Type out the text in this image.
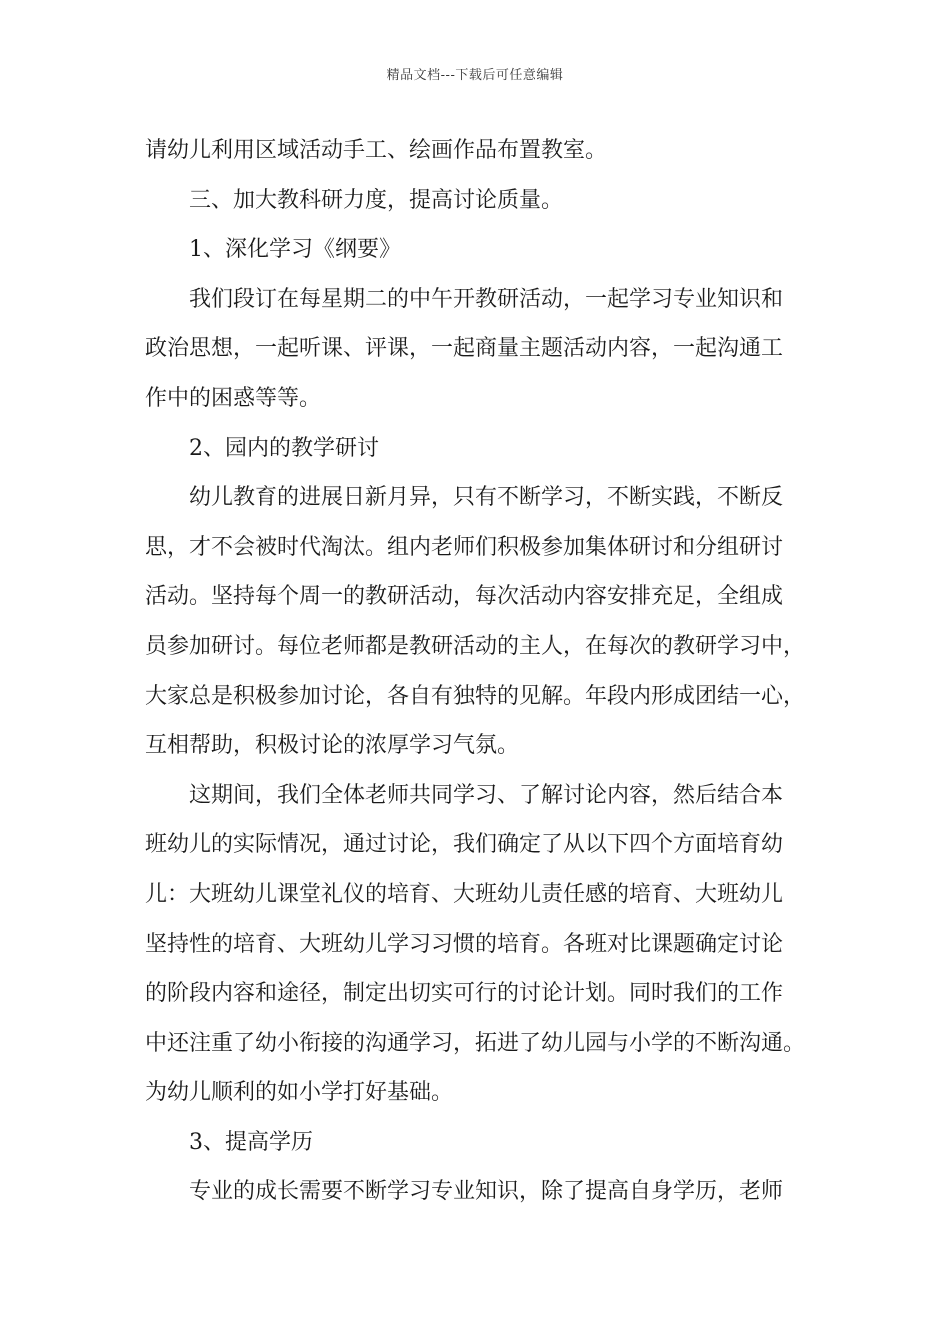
精品文档---下载后可任意编辑
请幼儿利用区域活动手工、绘画作品布置教室。
三、加大教科研力度，提高讨论质量。
1、深化学习《纲要》
我们段订在每星期二的中午开教研活动，一起学习专业知识和
政治思想，一起听课、评课，一起商量主题活动内容，一起沟通工
作中的困惑等等。
2、园内的教学研讨
幼儿教育的进展日新月异，只有不断学习，不断实践，不断反
思，才不会被时代淘汰。组内老师们积极参加集体研讨和分组研讨
活动。坚持每个周一的教研活动，每次活动内容安排充足，全组成
员参加研讨。每位老师都是教研活动的主人，在每次的教研学习中，
大家总是积极参加讨论，各自有独特的见解。年段内形成团结一心，
互相帮助，积极讨论的浓厚学习气氛。
这期间，我们全体老师共同学习、了解讨论内容，然后结合本
班幼儿的实际情况，通过讨论，我们确定了从以下四个方面培育幼
儿：大班幼儿课堂礼仪的培育、大班幼儿责任感的培育、大班幼儿
坚持性的培育、大班幼儿学习习惯的培育。各班对比课题确定讨论
的阶段内容和途径，制定出切实可行的讨论计划。同时我们的工作
中还注重了幼小衔接的沟通学习，拓进了幼儿园与小学的不断沟通。
为幼儿顺利的如小学打好基础。
3、提高学历
专业的成长需要不断学习专业知识，除了提高自身学历，老师
